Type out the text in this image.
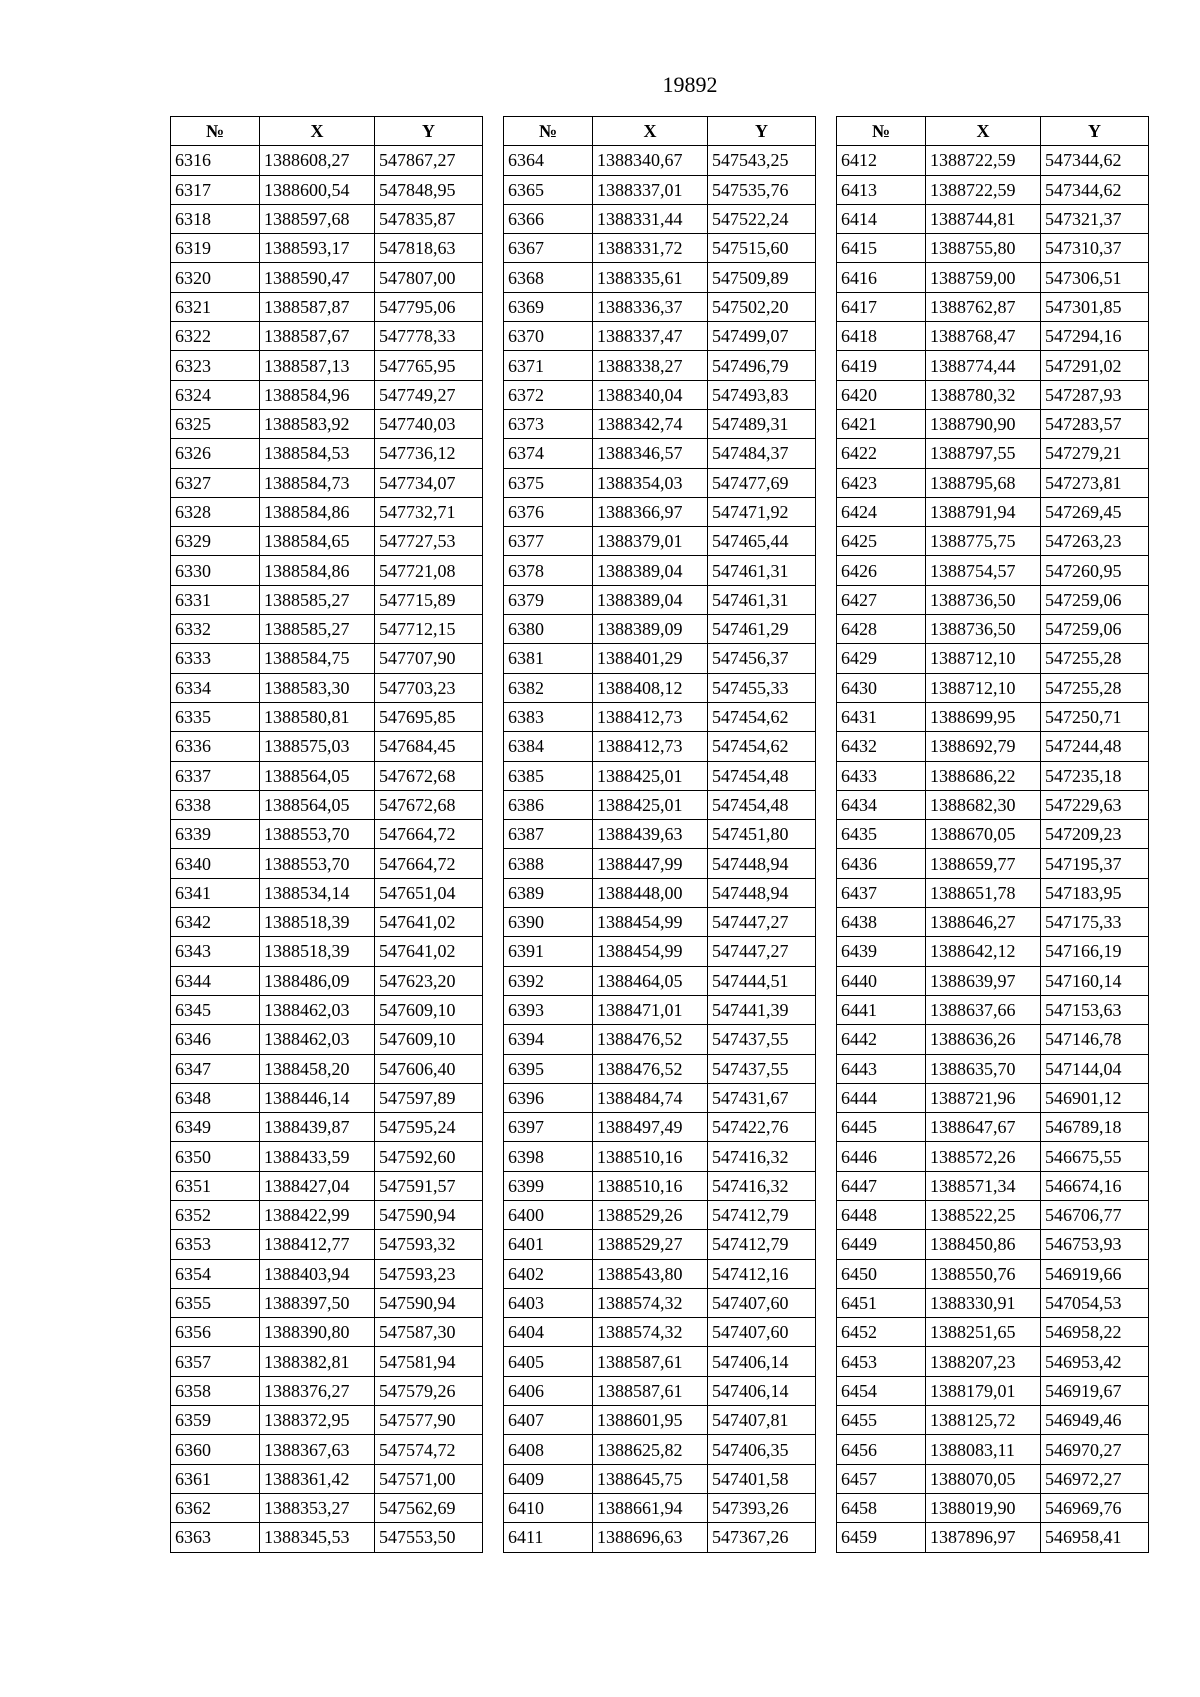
19892
№	X	Y
6316	1388608,27	547867,27
6317	1388600,54	547848,95
6318	1388597,68	547835,87
6319	1388593,17	547818,63
6320	1388590,47	547807,00
6321	1388587,87	547795,06
6322	1388587,67	547778,33
6323	1388587,13	547765,95
6324	1388584,96	547749,27
6325	1388583,92	547740,03
6326	1388584,53	547736,12
6327	1388584,73	547734,07
6328	1388584,86	547732,71
6329	1388584,65	547727,53
6330	1388584,86	547721,08
6331	1388585,27	547715,89
6332	1388585,27	547712,15
6333	1388584,75	547707,90
6334	1388583,30	547703,23
6335	1388580,81	547695,85
6336	1388575,03	547684,45
6337	1388564,05	547672,68
6338	1388564,05	547672,68
6339	1388553,70	547664,72
6340	1388553,70	547664,72
6341	1388534,14	547651,04
6342	1388518,39	547641,02
6343	1388518,39	547641,02
6344	1388486,09	547623,20
6345	1388462,03	547609,10
6346	1388462,03	547609,10
6347	1388458,20	547606,40
6348	1388446,14	547597,89
6349	1388439,87	547595,24
6350	1388433,59	547592,60
6351	1388427,04	547591,57
6352	1388422,99	547590,94
6353	1388412,77	547593,32
6354	1388403,94	547593,23
6355	1388397,50	547590,94
6356	1388390,80	547587,30
6357	1388382,81	547581,94
6358	1388376,27	547579,26
6359	1388372,95	547577,90
6360	1388367,63	547574,72
6361	1388361,42	547571,00
6362	1388353,27	547562,69
6363	1388345,53	547553,50
№	X	Y
6364	1388340,67	547543,25
6365	1388337,01	547535,76
6366	1388331,44	547522,24
6367	1388331,72	547515,60
6368	1388335,61	547509,89
6369	1388336,37	547502,20
6370	1388337,47	547499,07
6371	1388338,27	547496,79
6372	1388340,04	547493,83
6373	1388342,74	547489,31
6374	1388346,57	547484,37
6375	1388354,03	547477,69
6376	1388366,97	547471,92
6377	1388379,01	547465,44
6378	1388389,04	547461,31
6379	1388389,04	547461,31
6380	1388389,09	547461,29
6381	1388401,29	547456,37
6382	1388408,12	547455,33
6383	1388412,73	547454,62
6384	1388412,73	547454,62
6385	1388425,01	547454,48
6386	1388425,01	547454,48
6387	1388439,63	547451,80
6388	1388447,99	547448,94
6389	1388448,00	547448,94
6390	1388454,99	547447,27
6391	1388454,99	547447,27
6392	1388464,05	547444,51
6393	1388471,01	547441,39
6394	1388476,52	547437,55
6395	1388476,52	547437,55
6396	1388484,74	547431,67
6397	1388497,49	547422,76
6398	1388510,16	547416,32
6399	1388510,16	547416,32
6400	1388529,26	547412,79
6401	1388529,27	547412,79
6402	1388543,80	547412,16
6403	1388574,32	547407,60
6404	1388574,32	547407,60
6405	1388587,61	547406,14
6406	1388587,61	547406,14
6407	1388601,95	547407,81
6408	1388625,82	547406,35
6409	1388645,75	547401,58
6410	1388661,94	547393,26
6411	1388696,63	547367,26
№	X	Y
6412	1388722,59	547344,62
6413	1388722,59	547344,62
6414	1388744,81	547321,37
6415	1388755,80	547310,37
6416	1388759,00	547306,51
6417	1388762,87	547301,85
6418	1388768,47	547294,16
6419	1388774,44	547291,02
6420	1388780,32	547287,93
6421	1388790,90	547283,57
6422	1388797,55	547279,21
6423	1388795,68	547273,81
6424	1388791,94	547269,45
6425	1388775,75	547263,23
6426	1388754,57	547260,95
6427	1388736,50	547259,06
6428	1388736,50	547259,06
6429	1388712,10	547255,28
6430	1388712,10	547255,28
6431	1388699,95	547250,71
6432	1388692,79	547244,48
6433	1388686,22	547235,18
6434	1388682,30	547229,63
6435	1388670,05	547209,23
6436	1388659,77	547195,37
6437	1388651,78	547183,95
6438	1388646,27	547175,33
6439	1388642,12	547166,19
6440	1388639,97	547160,14
6441	1388637,66	547153,63
6442	1388636,26	547146,78
6443	1388635,70	547144,04
6444	1388721,96	546901,12
6445	1388647,67	546789,18
6446	1388572,26	546675,55
6447	1388571,34	546674,16
6448	1388522,25	546706,77
6449	1388450,86	546753,93
6450	1388550,76	546919,66
6451	1388330,91	547054,53
6452	1388251,65	546958,22
6453	1388207,23	546953,42
6454	1388179,01	546919,67
6455	1388125,72	546949,46
6456	1388083,11	546970,27
6457	1388070,05	546972,27
6458	1388019,90	546969,76
6459	1387896,97	546958,41
